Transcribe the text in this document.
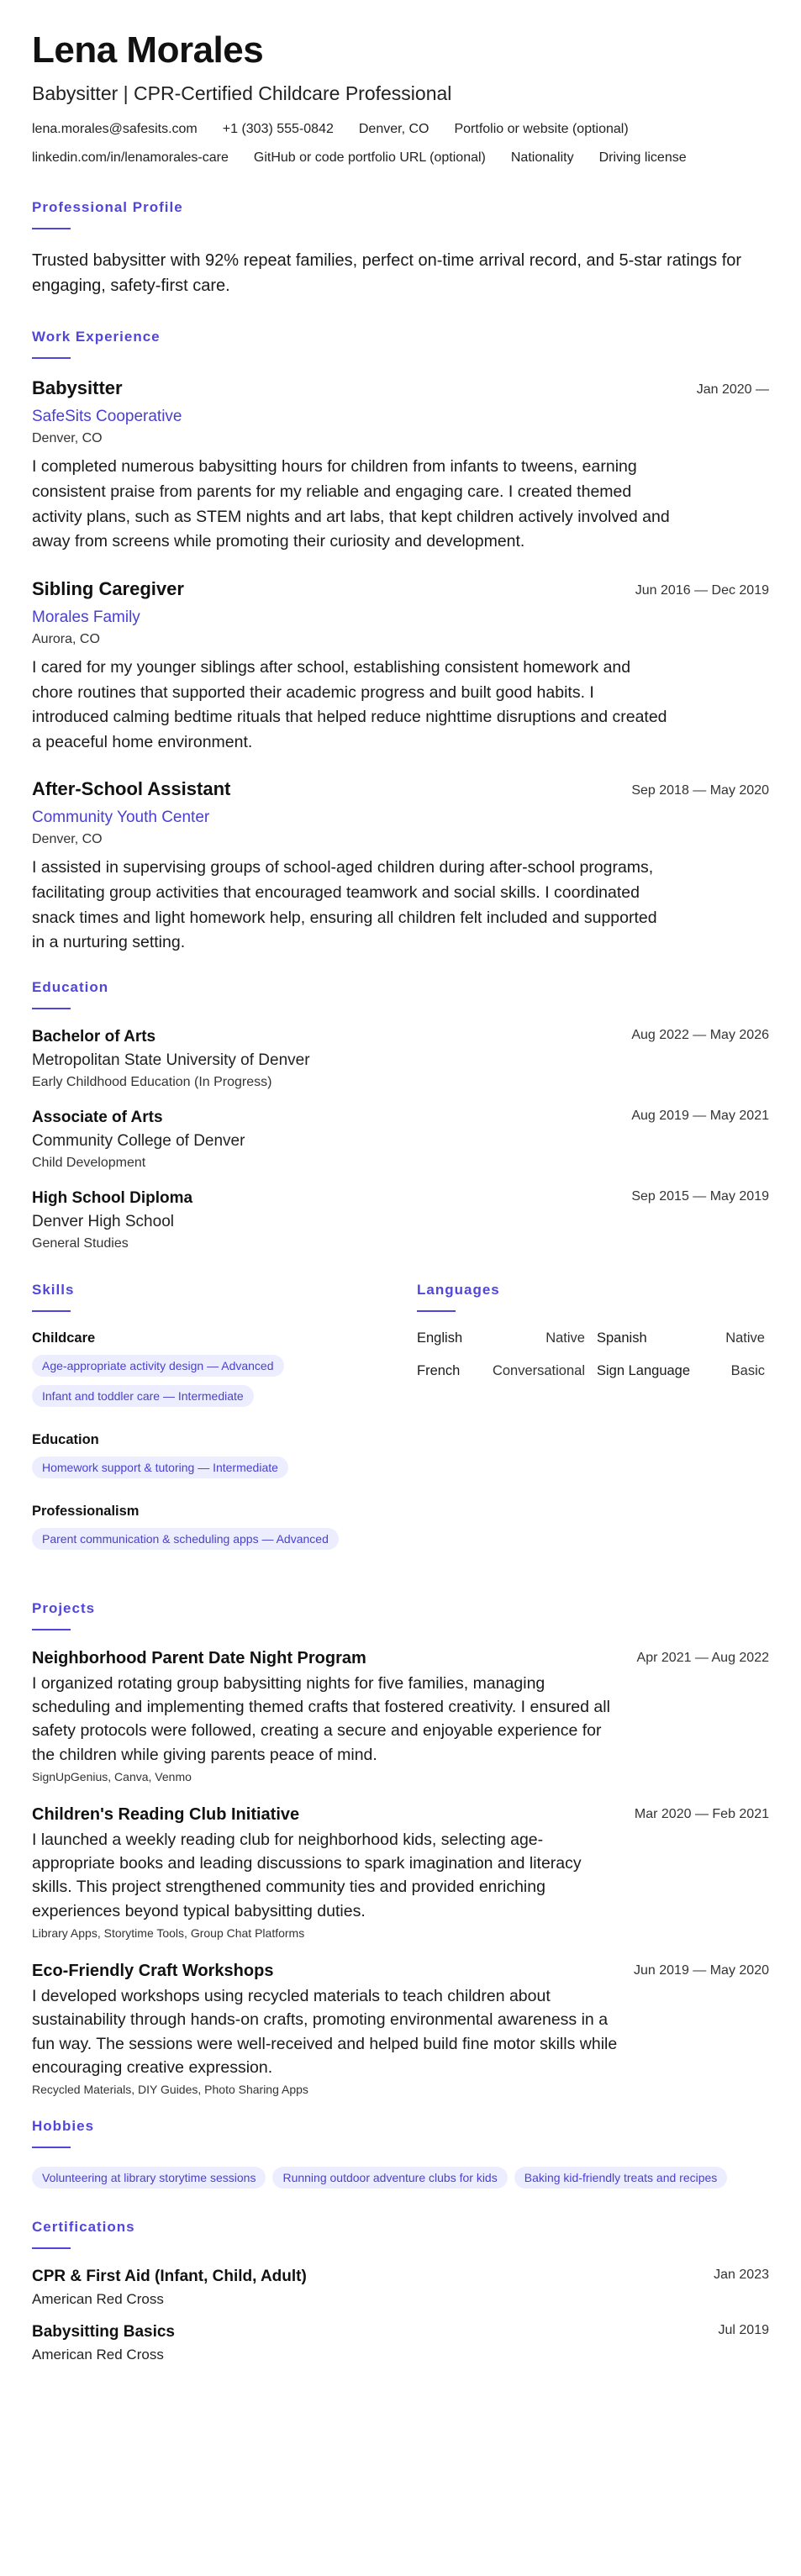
Lena Morales
Babysitter | CPR-Certified Childcare Professional
lena.morales@safesits.com +1 (303) 555-0842 Denver, CO Portfolio or website (optional)
linkedin.com/in/lenamorales-care GitHub or code portfolio URL (optional) Nationality Driving license
Professional Profile

Trusted babysitter with 92% repeat families, perfect on-time arrival record, and 5-star ratings for engaging, safety-first care.

Work Experience
Babysitter
SafeSits Cooperative
Denver, CO
Jan 2020 —

I completed numerous babysitting hours for children from infants to tweens, earning consistent praise from parents for my reliable and engaging care. I created themed activity plans, such as STEM nights and art labs, that kept children actively involved and away from screens while promoting their curiosity and development.

Sibling Caregiver
Morales Family
Aurora, CO
Jun 2016 — Dec 2019

I cared for my younger siblings after school, establishing consistent homework and chore routines that supported their academic progress and built good habits. I introduced calming bedtime rituals that helped reduce nighttime disruptions and created a peaceful home environment.

After-School Assistant
Community Youth Center
Denver, CO
Sep 2018 — May 2020

I assisted in supervising groups of school-aged children during after-school programs, facilitating group activities that encouraged teamwork and social skills. I coordinated snack times and light homework help, ensuring all children felt included and supported in a nurturing setting.

Education
Bachelor of Arts	Aug 2022 — May 2026
Metropolitan State University of Denver
Early Childhood Education (In Progress)
Associate of Arts	Aug 2019 — May 2021
Community College of Denver
Child Development
High School Diploma	Sep 2015 — May 2019
Denver High School
General Studies
Skills
Childcare
Age-appropriate activity design — Advanced
Infant and toddler care — Intermediate
Education
Homework support & tutoring — Intermediate
Professionalism
Parent communication & scheduling apps — Advanced
Languages
English	Native Spanish	Native
French Conversational Sign Language	Basic
Projects
Neighborhood Parent Date Night Program	Apr 2021 — Aug 2022

I organized rotating group babysitting nights for five families, managing scheduling and implementing themed crafts that fostered creativity. I ensured all safety protocols were followed, creating a secure and enjoyable experience for the children while giving parents peace of mind.

SignUpGenius, Canva, Venmo
Children's Reading Club Initiative	Mar 2020 — Feb 2021

I launched a weekly reading club for neighborhood kids, selecting age-appropriate books and leading discussions to spark imagination and literacy skills. This project strengthened community ties and provided enriching experiences beyond typical babysitting duties.

Library Apps, Storytime Tools, Group Chat Platforms
Eco-Friendly Craft Workshops	Jun 2019 — May 2020

I developed workshops using recycled materials to teach children about sustainability through hands-on crafts, promoting environmental awareness in a fun way. The sessions were well-received and helped build fine motor skills while encouraging creative expression.

Recycled Materials, DIY Guides, Photo Sharing Apps
Hobbies
Volunteering at library storytime sessions	Running outdoor adventure clubs for kids	Baking kid-friendly treats and recipes
Certifications
CPR & First Aid (Infant, Child, Adult)	Jan 2023
American Red Cross
Babysitting Basics	Jul 2019
American Red Cross
